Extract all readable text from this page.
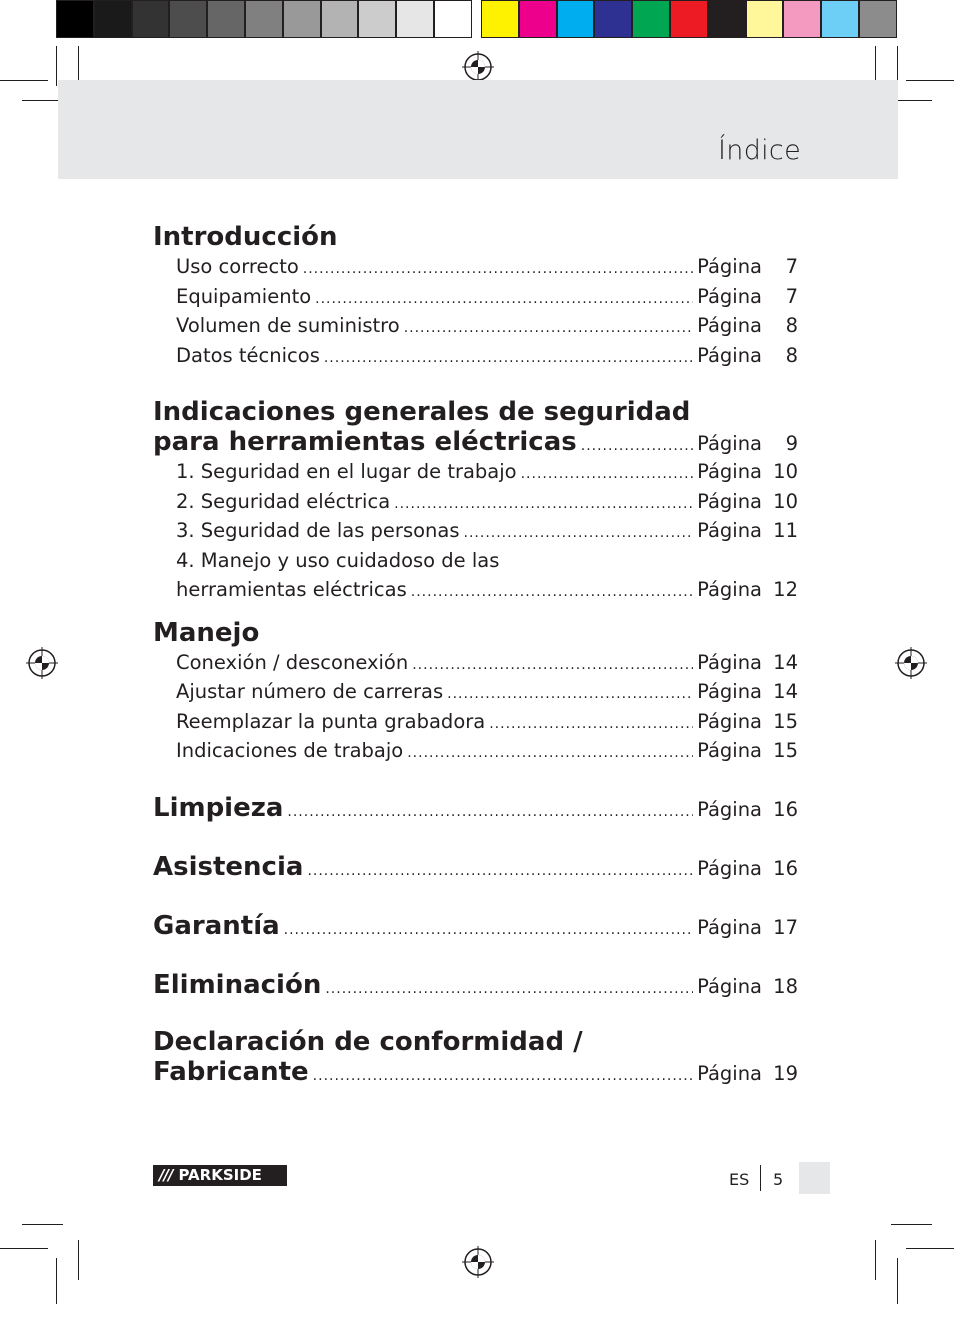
Índice
Introducción
Uso correcto .....	Página	7
Equipamiento .....	Página	7
Volumen de suministro .....	Página	8
Datos técnicos .....	Página	8
Indicaciones generales de seguridad
para herramientas eléctricas .....	Página	9
1. Seguridad en el lugar de trabajo .....	Página 10
2. Seguridad eléctrica .....	Página 10
3. Seguridad de las personas .....	Página 11
4. Manejo y uso cuidadoso de las
herramientas eléctricas .....	Página 12
Manejo
Conexión / desconexión .....	Página 14
Ajustar número de carreras .....	Página 14
Reemplazar la punta grabadora .....	Página 15
Indicaciones de trabajo .....	Página 15
Limpieza .....	Página 16
Asistencia .....	Página 16
Garantía .....	Página 17
Eliminación .....	Página 18
Declaración de conformidad /
Fabricante .....	Página 19
/// PARKSIDE	ES 5
